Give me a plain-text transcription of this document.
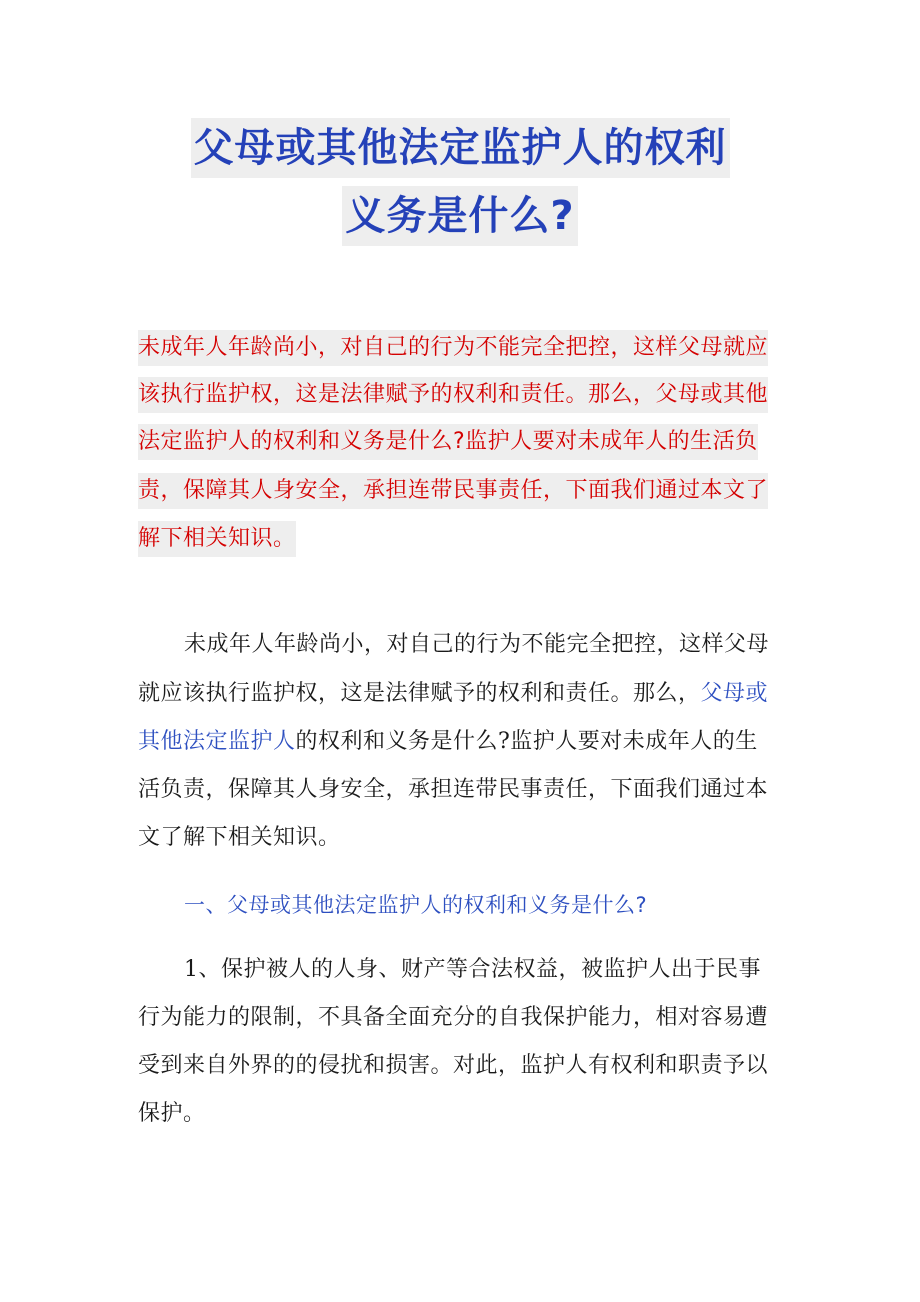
父母或其他法定监护人的权利
义务是什么?
未成年人年龄尚小，对自己的行为不能完全把控，这样父母就应
该执行监护权，这是法律赋予的权利和责任。那么，父母或其他
法定监护人的权利和义务是什么?监护人要对未成年人的生活负
责，保障其人身安全，承担连带民事责任，下面我们通过本文了
解下相关知识。
未成年人年龄尚小，对自己的行为不能完全把控，这样父母
就应该执行监护权，这是法律赋予的权利和责任。那么，父母或
其他法定监护人的权利和义务是什么?监护人要对未成年人的生
活负责，保障其人身安全，承担连带民事责任，下面我们通过本
文了解下相关知识。
一、父母或其他法定监护人的权利和义务是什么?
1、保护被人的人身、财产等合法权益，被监护人出于民事
行为能力的限制，不具备全面充分的自我保护能力，相对容易遭
受到来自外界的的侵扰和损害。对此，监护人有权利和职责予以
保护。
